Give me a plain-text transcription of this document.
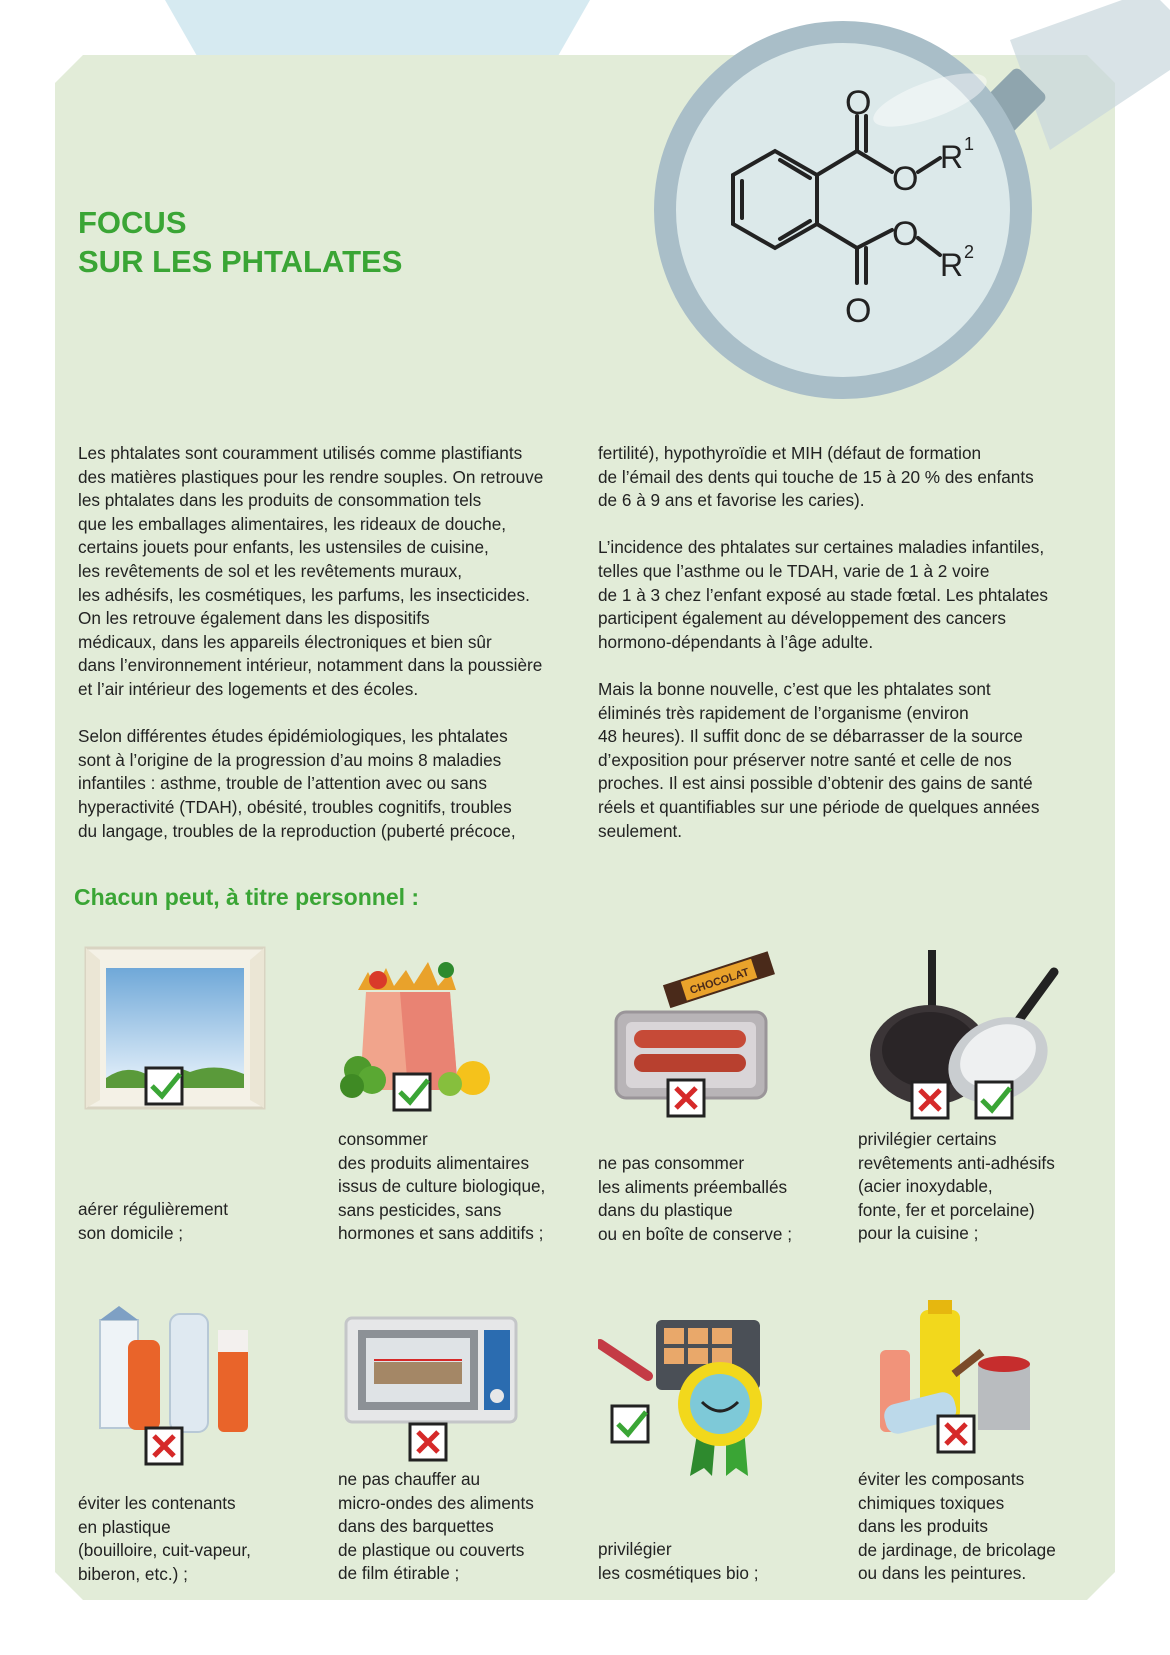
O
O
O
O
R 1
R 2
FOCUS
SUR LES PHTALATES

Les phtalates sont couramment utilisés comme plastifiants
des matières plastiques pour les rendre souples. On retrouve
les phtalates dans les produits de consommation tels
que les emballages alimentaires, les rideaux de douche,
certains jouets pour enfants, les ustensiles de cuisine,
les revêtements de sol et les revêtements muraux,
les adhésifs, les cosmétiques, les parfums, les insecticides.
On les retrouve également dans les dispositifs
médicaux, dans les appareils électroniques et bien sûr
dans l’environnement intérieur, notamment dans la poussière
et l’air intérieur des logements et des écoles.

Selon différentes études épidémiologiques, les phtalates
sont à l’origine de la progression d’au moins 8 maladies
infantiles : asthme, trouble de l’attention avec ou sans
hyperactivité (TDAH), obésité, troubles cognitifs, troubles
du langage, troubles de la reproduction (puberté précoce,

fertilité), hypothyroïdie et MIH (défaut de formation
de l’émail des dents qui touche de 15 à 20 % des enfants
de 6 à 9 ans et favorise les caries).

L’incidence des phtalates sur certaines maladies infantiles,
telles que l’asthme ou le TDAH, varie de 1 à 2 voire
de 1 à 3 chez l’enfant exposé au stade fœtal. Les phtalates
participent également au développement des cancers
hormono-dépendants à l’âge adulte.

Mais la bonne nouvelle, c’est que les phtalates sont
éliminés très rapidement de l’organisme (environ
48 heures). Il suffit donc de se débarrasser de la source
d’exposition pour préserver notre santé et celle de nos
proches. Il est ainsi possible d’obtenir des gains de santé
réels et quantifiables sur une période de quelques années
seulement.

Chacun peut, à titre personnel :
aérer régulièrement
son domicile ;
consommer
des produits alimentaires
issus de culture biologique,
sans pesticides, sans
hormones et sans additifs ;
CHOCOLAT
ne pas consommer
les aliments préemballés
dans du plastique
ou en boîte de conserve ;
privilégier certains
revêtements anti-adhésifs
(acier inoxydable,
fonte, fer et porcelaine)
pour la cuisine ;
éviter les contenants
en plastique
(bouilloire, cuit-vapeur,
biberon, etc.) ;
ne pas chauffer au
micro-ondes des aliments
dans des barquettes
de plastique ou couverts
de film étirable ;
privilégier
les cosmétiques bio ;
éviter les composants
chimiques toxiques
dans les produits
de jardinage, de bricolage
ou dans les peintures.
